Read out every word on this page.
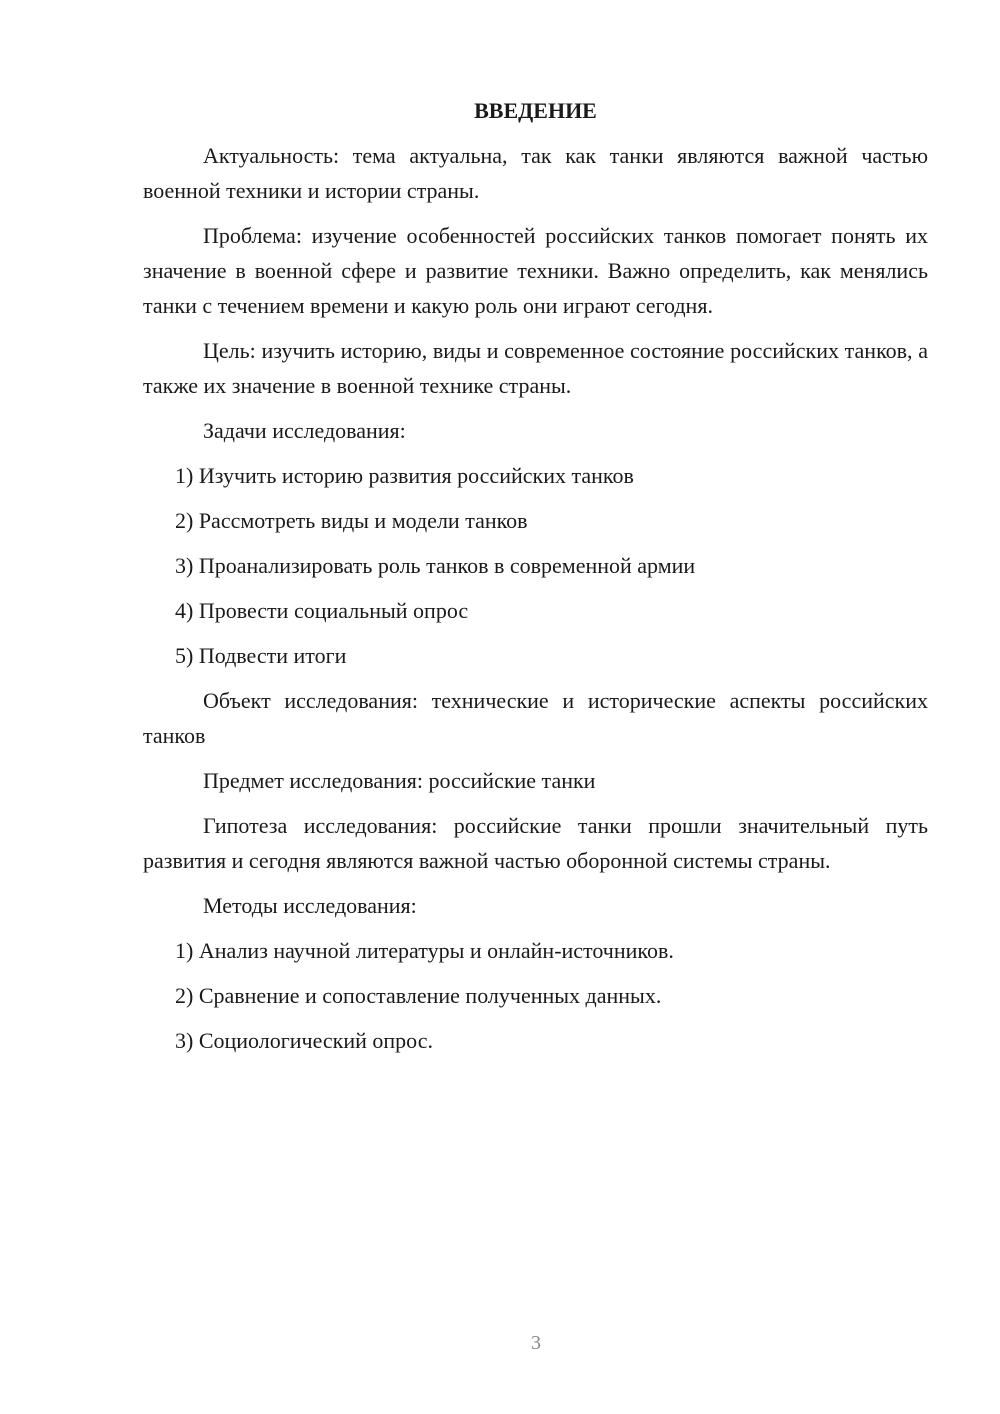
ВВЕДЕНИЕ

Актуальность: тема актуальна, так как танки являются важной частью военной техники и истории страны.

Проблема: изучение особенностей российских танков помогает понять их значение в военной сфере и развитие техники. Важно определить, как менялись танки с течением времени и какую роль они играют сегодня.

Цель: изучить историю, виды и современное состояние российских танков, а также их значение в военной технике страны.

Задачи исследования:

1) Изучить историю развития российских танков
2) Рассмотреть виды и модели танков
3) Проанализировать роль танков в современной армии
4) Провести социальный опрос
5) Подвести итоги

Объект исследования: технические и исторические аспекты российских танков

Предмет исследования: российские танки

Гипотеза исследования: российские танки прошли значительный путь развития и сегодня являются важной частью оборонной системы страны.

Методы исследования:

1) Анализ научной литературы и онлайн-источников.
2) Сравнение и сопоставление полученных данных.
3) Социологический опрос.
3
